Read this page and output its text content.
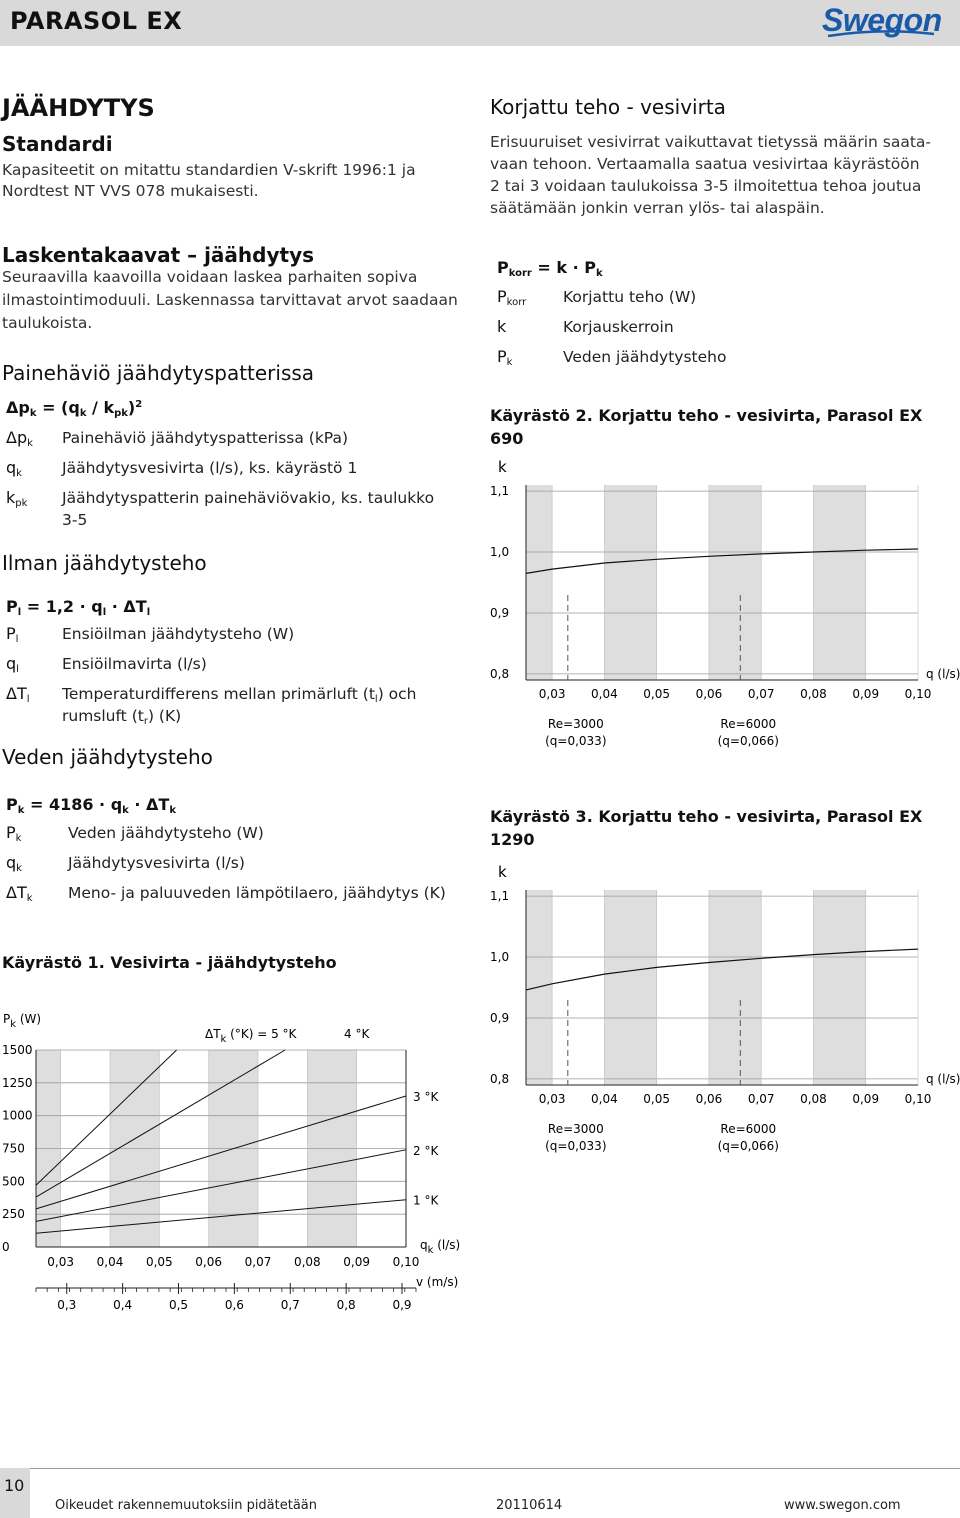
PARASOL EX	Swegon
JÄÄHDYTYS
Standardi
Kapasiteetit on mitattu standardien V-skrift 1996:1 ja
Nordtest NT VVS 078 mukaisesti.
Laskentakaavat – jäähdytys
Seuraavilla kaavoilla voidaan laskea parhaiten sopiva
ilmastointimoduuli. Laskennassa tarvittavat arvot saadaan
taulukoista.
Painehäviö jäähdytyspatterissa
$\Delta p_k = (q_k / k_{pk})^2$
$\Delta p_k$ Painehäviö jäähdytyspatterissa (kPa)
$q_k$	Jäähdytysvesivirta (l/s), ks. käyrästö 1
$k_{pk}$ Jäähdytyspatterin painehäviövakio, ks. taulukko
3-5
Ilman jäähdytysteho
$P_l = 1,2 \cdot q_l \cdot \Delta T_l$
$P_l$	Ensiöilman jäähdytysteho (W)
$q_l$	Ensiöilmavirta (l/s)
$\Delta T_l$ Temperaturdifferens mellan primärluft $(t_l)$ och
rumsluft $(t_r)$ (K)
Veden jäähdytysteho
$P_k = 4186 \cdot q_k \cdot \Delta T_k$
$P_k$	Veden jäähdytysteho (W)
$q_k$	Jäähdytysvesivirta (l/s)
$\Delta T_k$ Meno- ja paluuveden lämpötilaero, jäähdytys (K)
Käyrästö 1. Vesivirta - jäähdytysteho
0
250
500
750
1000
1250
1500
0,03 0,04 0,05 0,06 0,07 0,08 0,09 0,10
$P_k$ (W)
$\Delta T_k$ (°K) = 5 °K	4 °K
3 °K
2 °K
1 °K
$q_k$ (l/s)
0,3	0,4	0,5	0,6	0,7	0,8	0,9
v (m/s)
Korjattu teho - vesivirta
Erisuuruiset vesivirrat vaikuttavat tietyssä määrin saata-
vaan tehoon. Vertaamalla saatua vesivirtaa käyrästöön
2 tai 3 voidaan taulukoissa 3-5 ilmoitettua tehoa joutua
säätämään jonkin verran ylös- tai alaspäin.
$P_{korr} = k \cdot P_k$
$P_{korr}$ Korjattu teho (W)
k	Korjauskerroin
$P_k$	Veden jäähdytysteho
Käyrästö 2. Korjattu teho - vesivirta, Parasol EX
690
0,8
0,9
1,0
1,1
0,03 0,04 0,05 0,06 0,07 0,08 0,09 0,10
k
q (l/s)
Re=3000
(q=0,033)
Re=6000
(q=0,066)
Käyrästö 3. Korjattu teho - vesivirta, Parasol EX
1290
0,8
0,9
1,0
1,1
0,03 0,04 0,05 0,06 0,07 0,08 0,09 0,10
k
q (l/s)
Re=3000
(q=0,033)
Re=6000
(q=0,066)
10
Oikeudet rakennemuutoksiin pidätetään	20110614	www.swegon.com
